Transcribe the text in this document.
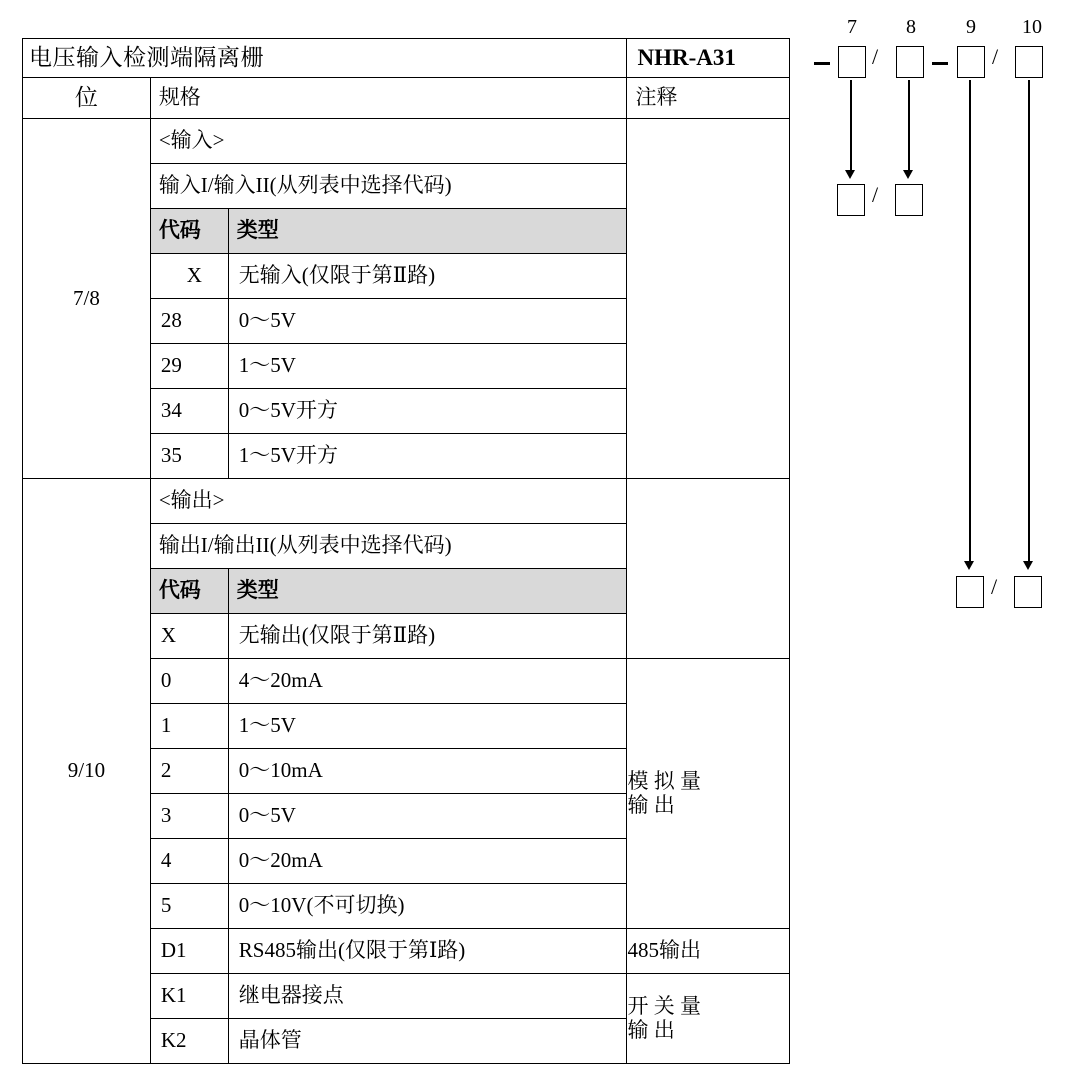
电压输入检测端隔离栅			NHR-A31

位	规格		注释

7/8	<输入>		

	输入I/输入II(从列表中选择代码)		

	代码	类型	

	X	无输入(仅限于第Ⅱ路)	

	28	0～5V	

	29	1～5V	

	34	0～5V开方	

	35	1～5V开方	

9/10	<输出>		

	输出I/输出II(从列表中选择代码)		

	代码	类型	

	X	无输出(仅限于第Ⅱ路)	

	0	4～20mA	模 拟 量
输 出

	1	1～5V	

	2	0～10mA	

	3	0～5V	

	4	0～20mA	

	5	0～10V(不可切换)	

	D1	RS485输出(仅限于第Ⅰ路)	485输出

	K1	继电器接点	开 关 量
输 出

	K2	晶体管	
7 8	9 10
/	/
/
/
